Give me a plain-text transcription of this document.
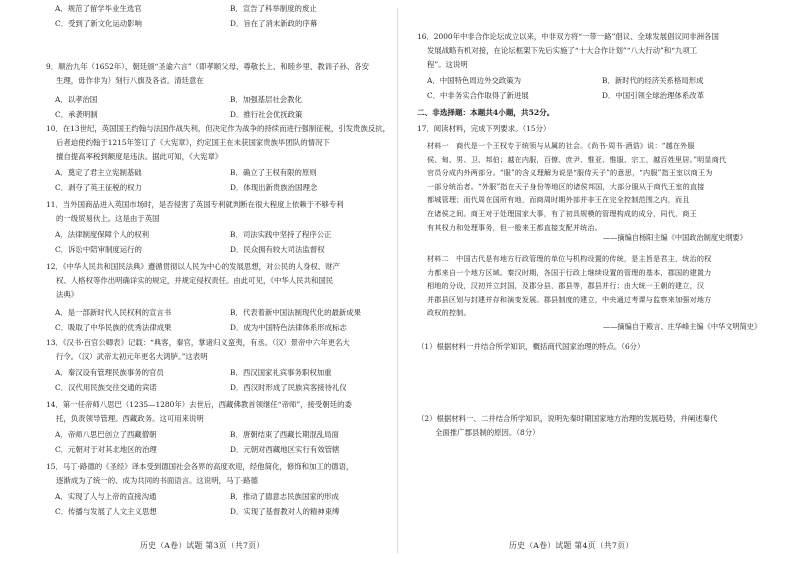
A．规范了留学毕业生选官	B．宣告了科举制度的废止
C．受到了新文化运动影响	D．旨在了消末新政的序幕
9．顺治九年（1652年），朝廷颁“圣谕六言”（即孝顺父母、尊敬长上、和睦乡里、教训子孙、各安
生理，毋作非为）刻行八旗及各省。清廷意在
A．以孝治国	B．加强基层社会教化
C．承袭明制	D．推行社会优抚政策
10．在13世纪，英国国王约翰与法国作战失利，但决定作为战争的持续而进行强制征税，引发贵族反抗，
后者迫使约翰于1215年签订了《大宪章》，约定国王在未获国家贵族毕团队的情况下
擅自提高率税到额度是违法。据此可知，《大宪章》
A．奠定了君主立宪制基础	B．确立了王权有限的原则
C．剥夺了英王征税的权力	D．体现出新贵族治国理念
11．当外国商品进入英国市场时，是否侵害了英国专利就判断在很大程度上依赖于不够专利
的一级贸易伙上。这是由于英国
A．法律制度保障个人的权利	B．司法实践中坚持了程序公正
C．诉讼中陪审制度运行的	D．民众拥有较大司法监督权
12．《中华人民共和国民法典》遵循贯彻以人民为中心的发展思想，对公民的人身权、财产
权、人格权等作出明确详实的规定，并规定侵权责任。由此可见，《中华人民共和国民
法典》
A．是一部新时代人民权利的宣言书	B．代表着新中国法制现代化的最新成果
C．吸取了中华民族的优秀法律成果	D．成为中国特色法律体系形成标志
13．《汉书·百官公卿表》记载：“典客，秦官，掌诸归义蛮夷，有丞。（汉）景帝中六年更名大
行令。（汉）武帝太初元年更名大鸿胪。”这表明
A．秦汉设有管理民族事务的官员	B．西汉国家礼宾事务职权加重
C．汉代用民族交往交通的宾诺	D．西汉时形成了民族宾客接待礼仪
14．第一任帝师八思巴（1235—1280年）去世后，西藏佛教首领继任“帝师”，接受朝廷的委
托，负责领导管理。西藏政务。这可用来说明
A．帝师八思巴创立了西藏僧朝	B．唐朝结束了西藏长期混乱局面
C．元朝对于对其北地区的治理	D．元朝对西藏地区实行有效管辖
15．马丁·路德的《圣经》译本受到德国社会各界的高度欢迎，经他简化，修饰和加工的德语，
逐渐成为了统一的、成为共同的书面语言。这说明，马丁·路德
A．实现了人与上帝的直接沟通	B．推动了德意志民族国家的形成
C．传播与发展了人文主义思想	D．实现了基督教对人的精神束缚
历史（A卷）试题 第3页（共7页）
16．2000年中非合作论坛成立以来，中非双方将“一带一路”倡议、全球发展倡议同非洲各国
发展战略有机对接，在论坛框架下先后实施了“十大合作计划”“八大行动”和“九项工
程”。这说明
A．中国特色周边外交政策为	B．新时代的经济关系格局形成
C．中非务实合作取得了新进展	D．中国引领全球治理体系改革
二、非选择题：本题共4小题，共52分。
17．阅读材料，完成下列要求。（15分）
材料一　商代是一个王权专于统领与从属的社会。《尚书·周书·酒诰》说：“越在外服
侯、甸、男、卫、邦伯；越在内服，百僚、庶尹、惟亚、惟服、宗工，越百姓里居。”明显商代
官员分成内外两部分。“服”的含义理解为说是“服侍天子”的意思，“内服”指王室以商王为
一部分统治者。“外服”指在天子身份等地区的诸侯邦国，大部分服从于商代王室的直接
都城管理；而代周在国所有地，而商周时期外部并非王在完全控制范围之内，而且
在诸侯之间。商王对于处理国家大事，有了初具规模的管理构成的成分，同代，商王
有其权力和处理事务，但一般来王都直接支配并统治。
——摘编自杨阳主编《中国政治制度史纲要》
材料二　中国古代是有地方行政管理的单位与机构设置的传统，是主旨是君主，统治的权
力都来自一个地方区域。秦汉时期，各国于行政上继续设置的管理的基本，郡国的建置力
相地的分设，汉初并立封国，及郡分县，郡县等，郡县并行；由大统一王朝的建立，汉
并郡县区划与封建并存和演变发展。郡县制度的建立，中央通过考课与监察来加强对地方
政权的控制。
——摘编自于殿言、庄华峰主编《中华文明简史》
（1）根据材料一并结合所学知识，概括商代国家治理的特点。（6分）
（2）根据材料一、二并结合所学知识，说明先秦时期国家地方治理的发展趋势，并阐述秦代
全面推广郡县制的原因。（8分）
历史（A卷）试题 第4页（共7页）
